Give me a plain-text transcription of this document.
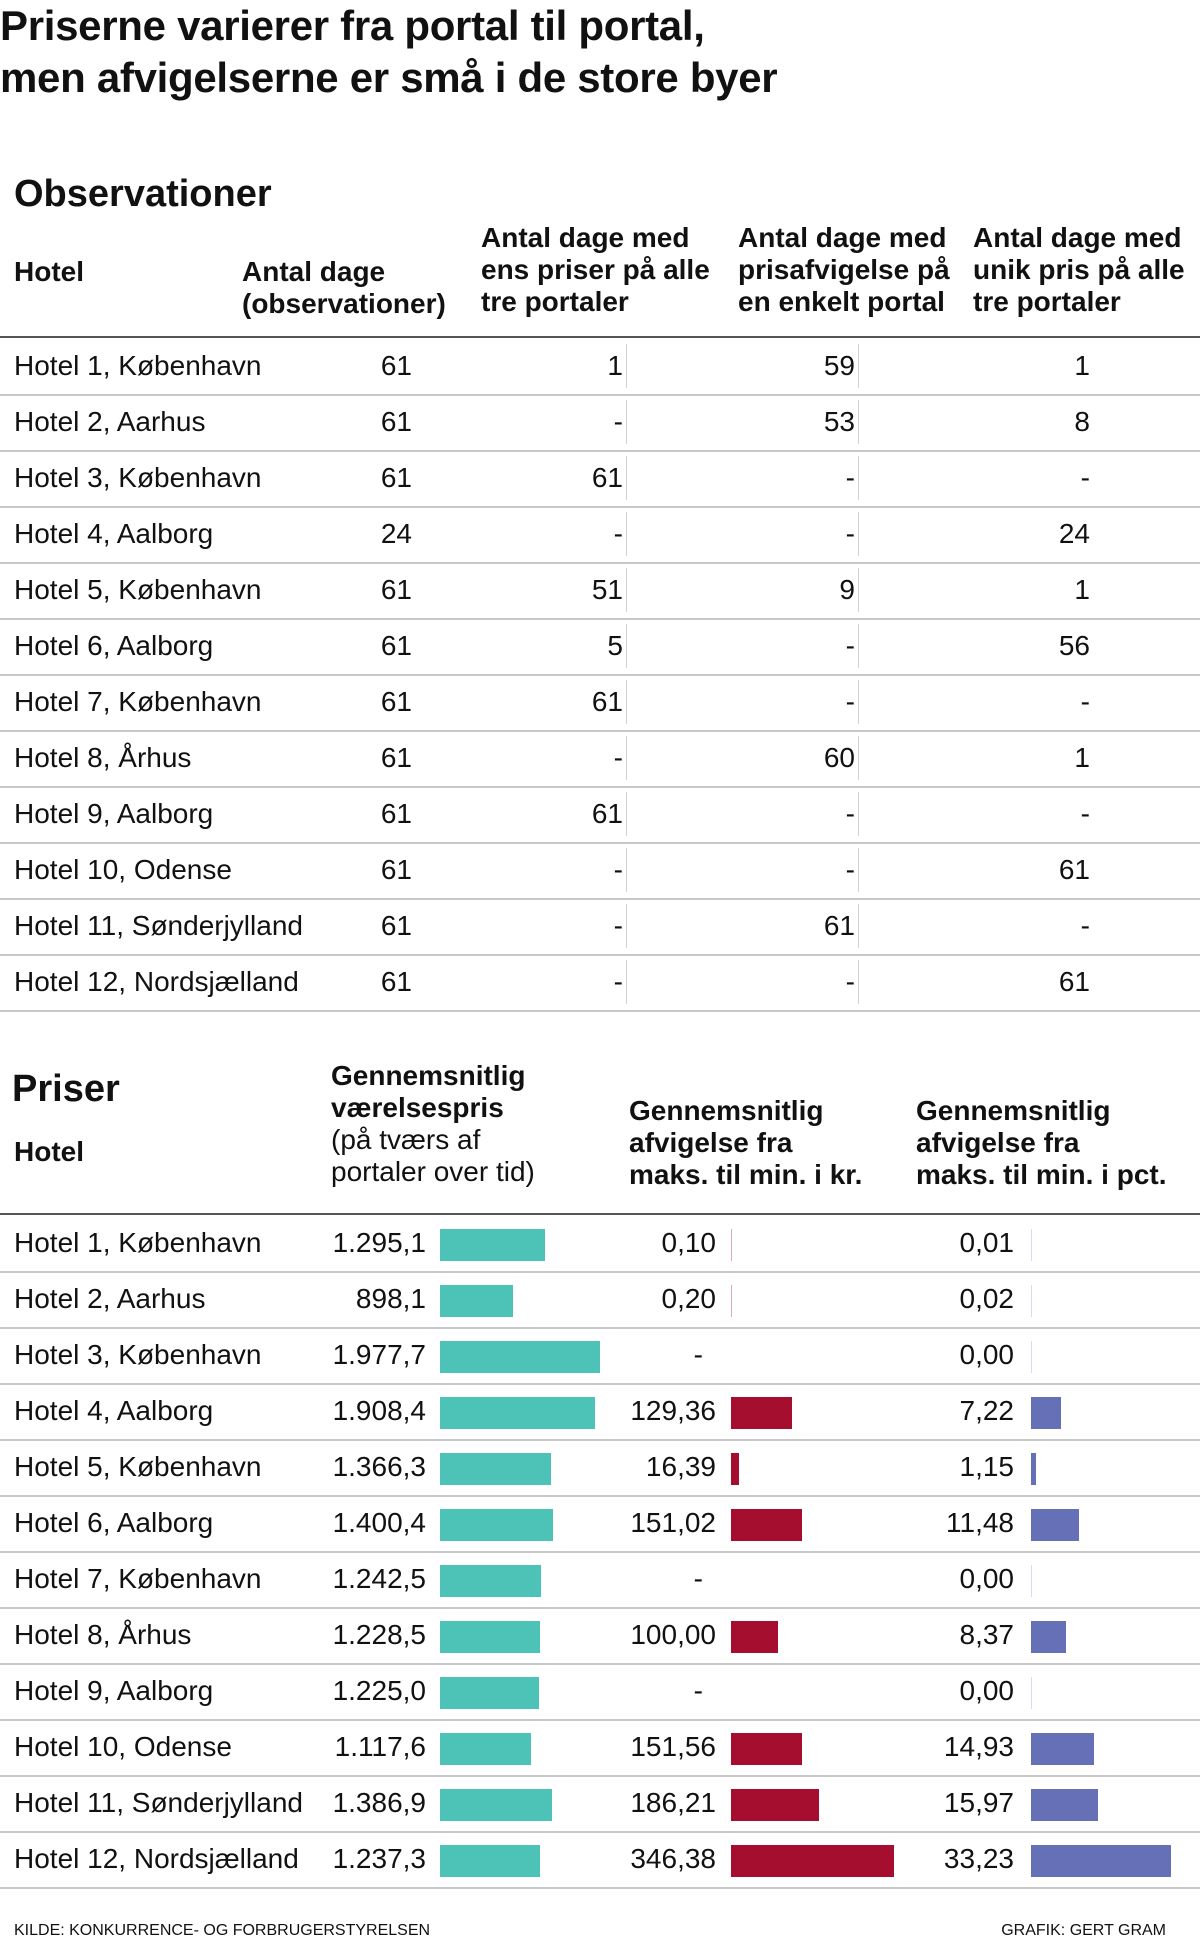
Priserne varierer fra portal til portal,
men afvigelserne er små i de store byer
Observationer
Hotel	Antal dage
(observationer)
Antal dage med
ens priser på alle
tre portaler
Antal dage med
prisafvigelse på
en enkelt portal
Antal dage med
unik pris på alle
tre portaler
Hotel 1, København	61	1	59	1
Hotel 2, Aarhus	61	-	53	8
Hotel 3, København	61	61	-	-
Hotel 4, Aalborg	24	-	-	24
Hotel 5, København	61	51	9	1
Hotel 6, Aalborg	61	5	-	56
Hotel 7, København	61	61	-	-
Hotel 8, Århus	61	-	60	1
Hotel 9, Aalborg	61	61	-	-
Hotel 10, Odense	61	-	-	61
Hotel 11, Sønderjylland	61	-	61	-
Hotel 12, Nordsjælland	61	-	-	61
Priser
Hotel
Gennemsnitlig
værelsespris
(på tværs af
portaler over tid)
Gennemsnitlig
afvigelse fra
maks. til min. i kr.
Gennemsnitlig
afvigelse fra
maks. til min. i pct.
Hotel 1, København	1.295,1	0,10	0,01
Hotel 2, Aarhus	898,1	0,20	0,02
Hotel 3, København	1.977,7	-	0,00
Hotel 4, Aalborg	1.908,4	129,36	7,22
Hotel 5, København	1.366,3	16,39	1,15
Hotel 6, Aalborg	1.400,4	151,02	11,48
Hotel 7, København	1.242,5	-	0,00
Hotel 8, Århus	1.228,5	100,00	8,37
Hotel 9, Aalborg	1.225,0	-	0,00
Hotel 10, Odense	1.117,6	151,56	14,93
Hotel 11, Sønderjylland	1.386,9	186,21	15,97
Hotel 12, Nordsjælland	1.237,3	346,38	33,23
KILDE: KONKURRENCE- OG FORBRUGERSTYRELSEN	GRAFIK: GERT GRAM
